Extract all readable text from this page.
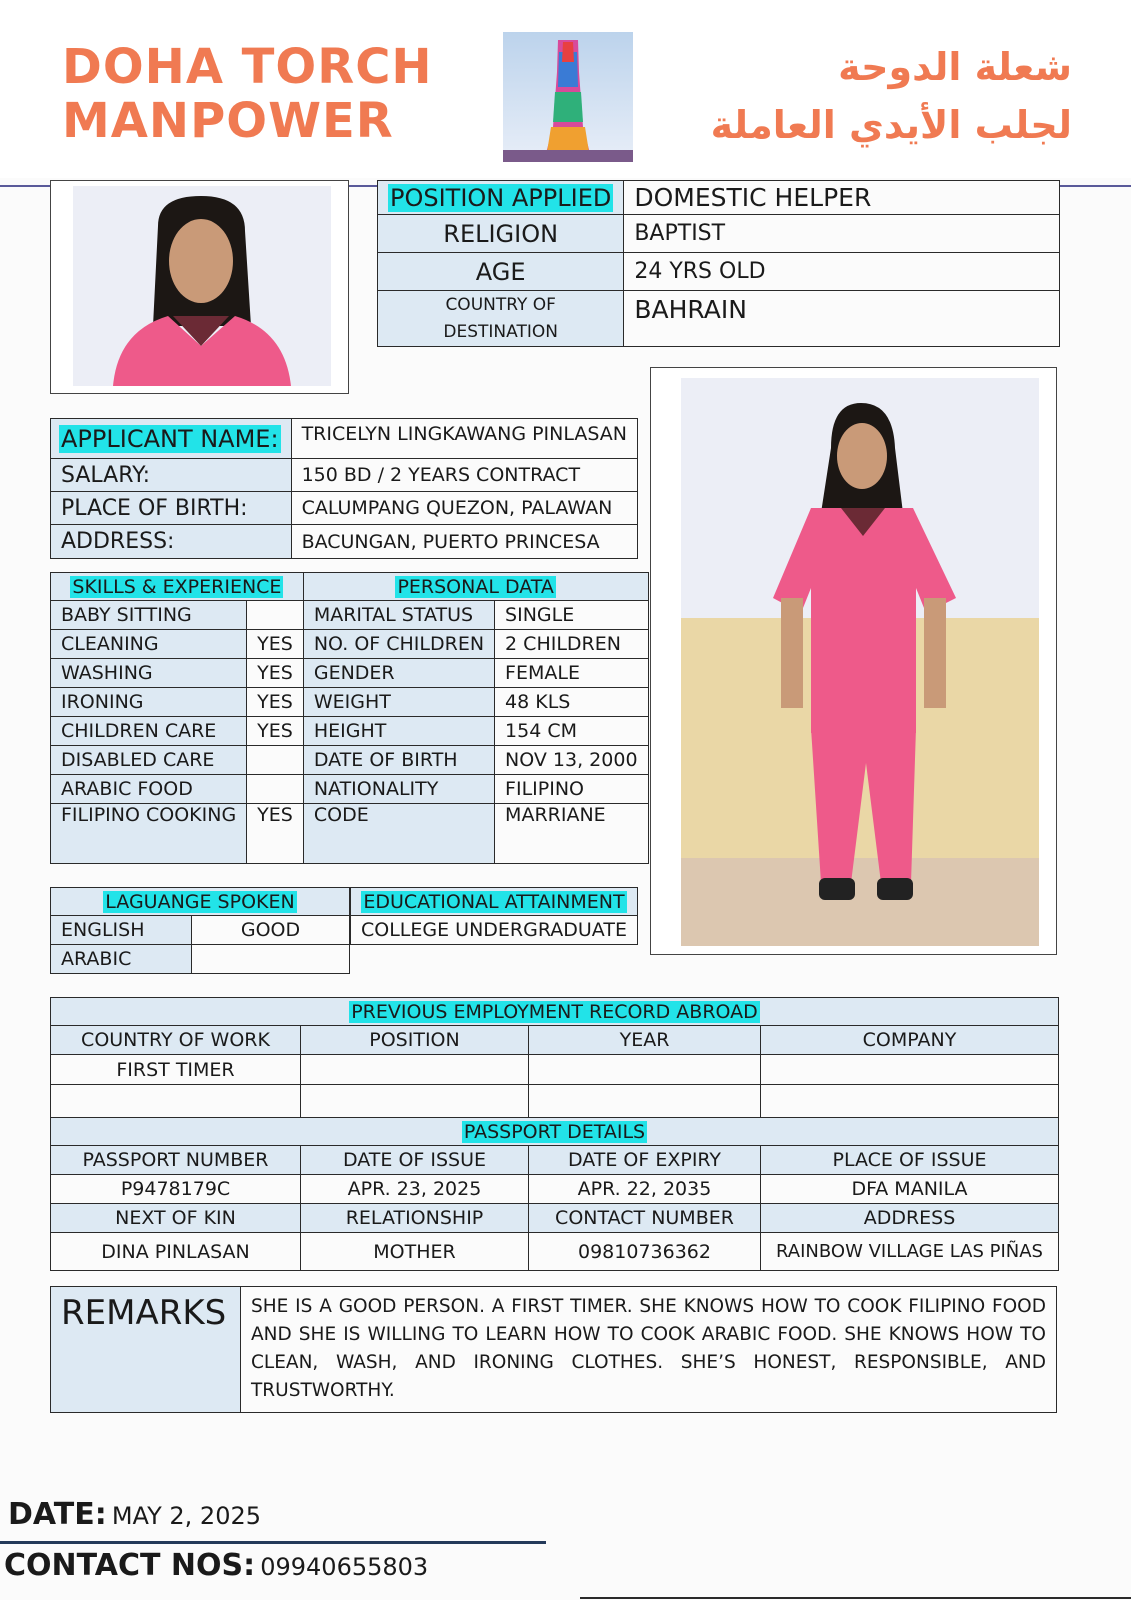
DOHA TORCH
MANPOWER
شعلة الدوحة
لجلب الأيدي العاملة
POSITION APPLIED	DOMESTIC HELPER
RELIGION	BAPTIST
AGE	24 YRS OLD

COUNTRY OF
DESTINATION	BAHRAIN
APPLICANT NAME:	TRICELYN LINGKAWANG PINLASAN
SALARY:	150 BD / 2 YEARS CONTRACT
PLACE OF BIRTH:	CALUMPANG QUEZON, PALAWAN
ADDRESS:	BACUNGAN, PUERTO PRINCESA
SKILLS & EXPERIENCE		PERSONAL DATA	
BABY SITTING		MARITAL STATUS	SINGLE
CLEANING	YES	NO. OF CHILDREN	2 CHILDREN
WASHING	YES	GENDER	FEMALE
IRONING	YES	WEIGHT	48 KLS
CHILDREN CARE	YES	HEIGHT	154 CM
DISABLED CARE		DATE OF BIRTH	NOV 13, 2000
ARABIC FOOD		NATIONALITY	FILIPINO
FILIPINO COOKING	YES	CODE	MARRIANE
LAGUANGE SPOKEN	
ENGLISH	GOOD
ARABIC	
EDUCATIONAL ATTAINMENT
COLLEGE UNDERGRADUATE
PREVIOUS EMPLOYMENT RECORD ABROAD			
COUNTRY OF WORK	POSITION	YEAR	COMPANY
FIRST TIMER			

PASSPORT DETAILS			
PASSPORT NUMBER	DATE OF ISSUE	DATE OF EXPIRY	PLACE OF ISSUE
P9478179C	APR. 23, 2025	APR. 22, 2035	DFA MANILA
NEXT OF KIN	RELATIONSHIP	CONTACT NUMBER	ADDRESS
DINA PINLASAN	MOTHER	09810736362	RAINBOW VILLAGE LAS PIÑAS
REMARKS	SHE IS A GOOD PERSON. A FIRST TIMER. SHE KNOWS HOW TO COOK FILIPINO FOOD AND SHE IS WILLING TO LEARN HOW TO COOK ARABIC FOOD. SHE KNOWS HOW TO CLEAN, WASH, AND IRONING CLOTHES. SHE’S HONEST, RESPONSIBLE, AND TRUSTWORTHY.
DATE: MAY 2, 2025
CONTACT NOS: 09940655803
